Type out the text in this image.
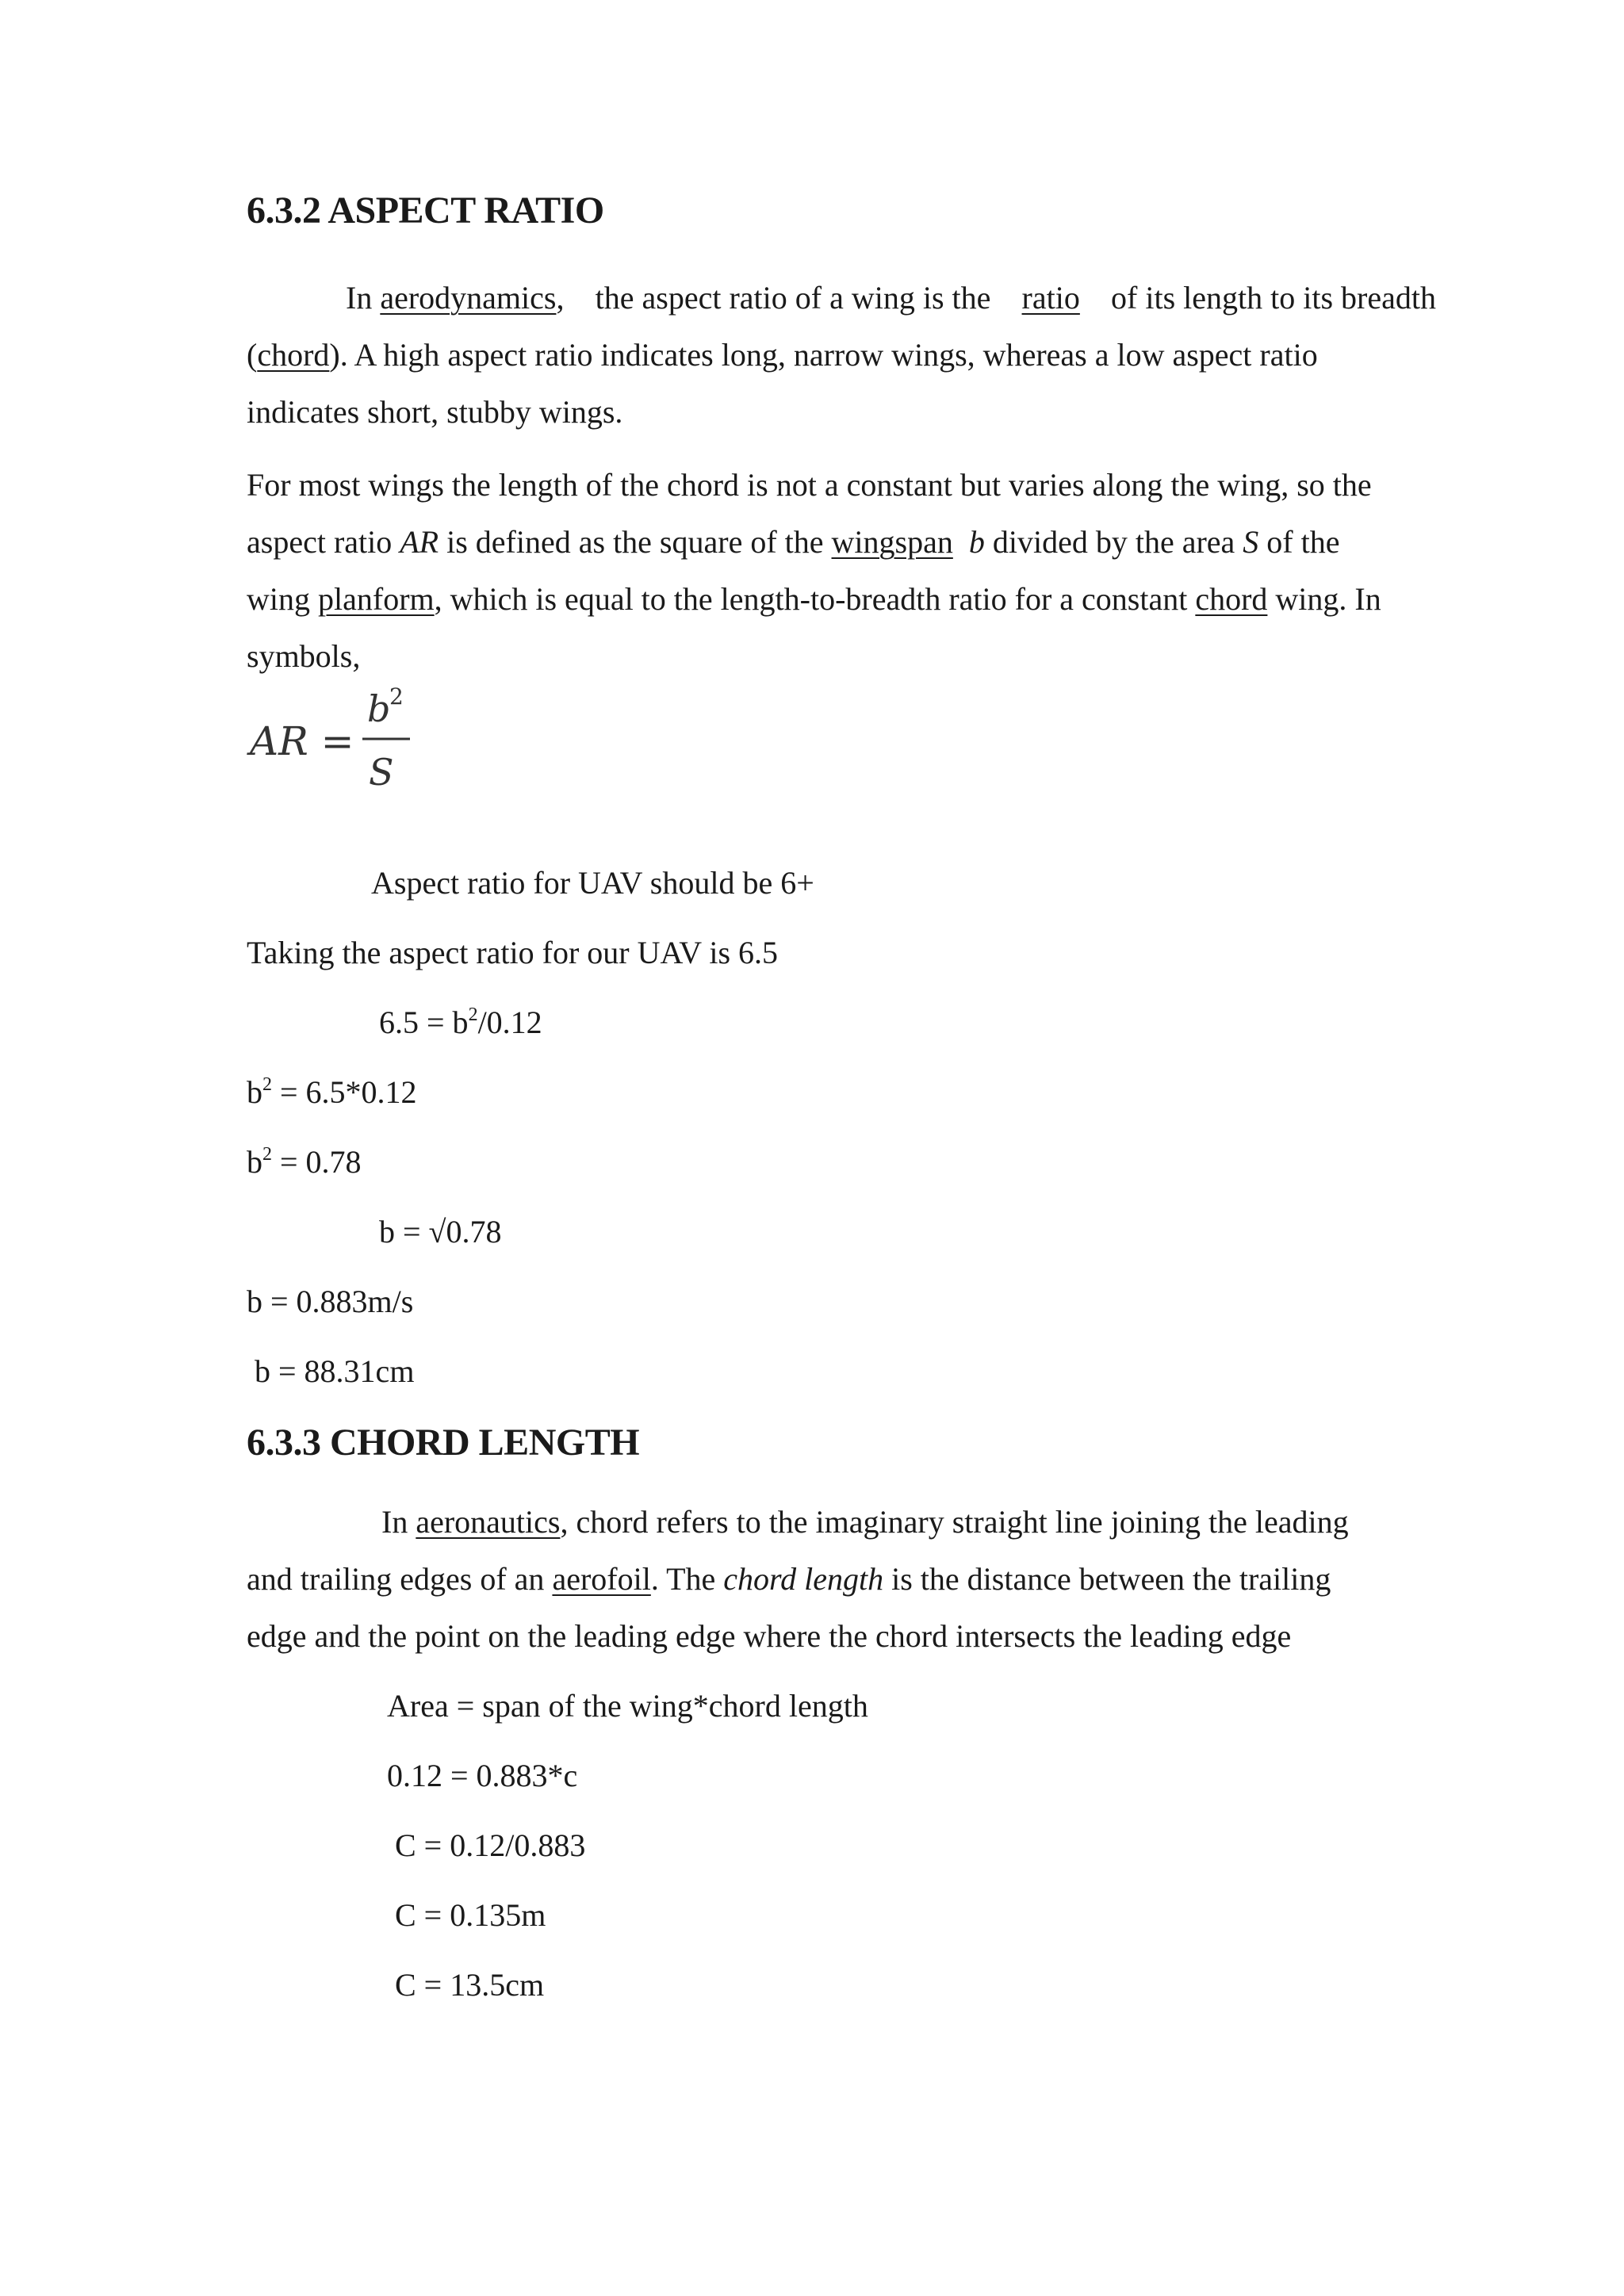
6.3.2 ASPECT RATIO
In aerodynamics, the aspect ratio of a wing is the ratio of its length to its breadth
(chord). A high aspect ratio indicates long, narrow wings, whereas a low aspect ratio
indicates short, stubby wings.
For most wings the length of the chord is not a constant but varies along the wing, so the
aspect ratio AR is defined as the square of the wingspan b divided by the area S of the
wing planform, which is equal to the length-to-breadth ratio for a constant chord wing. In
symbols,
AR =
b
2
S
Aspect ratio for UAV should be 6+
Taking the aspect ratio for our UAV is 6.5
$6.5 = b^2/0.12$
$b^2 = 6.5*0.12$
$b^2 = 0.78$
b = √0.78
b = 0.883m/s
b = 88.31cm
6.3.3 CHORD LENGTH
In aeronautics, chord refers to the imaginary straight line joining the leading
and trailing edges of an aerofoil. The chord length is the distance between the trailing
edge and the point on the leading edge where the chord intersects the leading edge
Area = span of the wing*chord length
0.12 = 0.883*c
C = 0.12/0.883
C = 0.135m
C = 13.5cm
